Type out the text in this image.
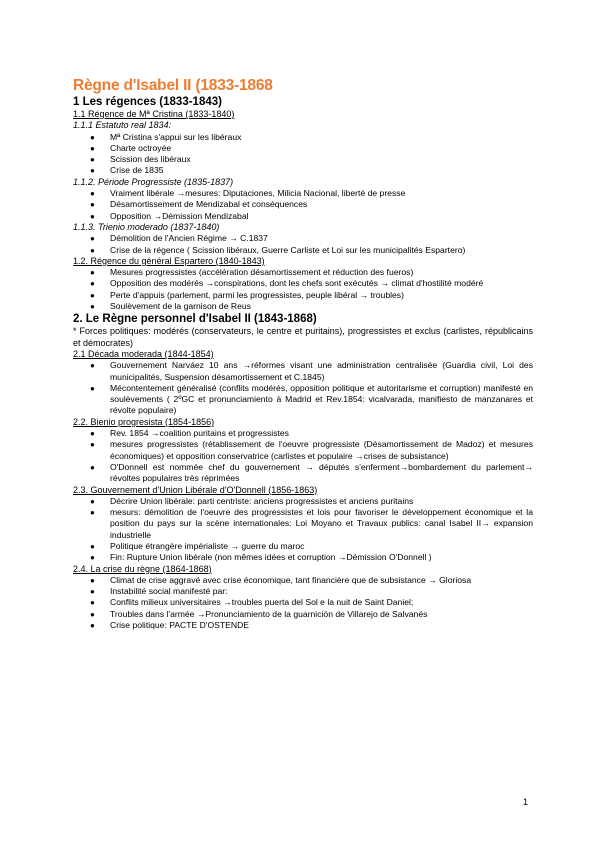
Règne d'Isabel II (1833-1868
1 Les régences (1833-1843)
1.1 Régence de Mª Cristina (1833-1840)
1.1.1 Estatuto real 1834:
● Mª Cristina s'appui sur les libéraux
● Charte octroyée
● Scission des libéraux
● Crise de 1835
1.1.2. Période Progressiste (1835-1837)
● Vraiment libérale →mesures: Diputaciones, Milicia Nacional, liberté de presse
● Désamortissement de Mendizabal et conséquences
● Opposition →Démission Mendizabal
1.1.3. Trienio moderado (1837-1840)
● Démolition de l'Ancien Régime → C.1837
● Crise de la régence ( Scission libéraux, Guerre Carliste et Loi sur les municipalités Espartero)
1.2. Régence du général Espartero (1840-1843)
● Mesures progressistes (accélération désamortissement et réduction des fueros)
● Opposition des modérés →conspirations, dont les chefs sont exécutés → climat d'hostilité modéré
● Perte d'appuis (parlement, parmi les progressistes, peuple libéral → troubles)
● Soulèvement de la garnison de Reus
2. Le Règne personnel d'Isabel II (1843-1868)
* Forces politiques: modérés (conservateurs, le centre et puritains), progressistes et exclus (carlistes, républicains et démocrates)
2.1 Década moderada (1844-1854)
● Gouvernement Narváez 10 ans →réformes visant une administration centralisée (Guardia civil, Loi des municipalités, Suspension désamortissement et C.1845)
● Mécontentement généralisé (conflits modérés, opposition politique et autoritarisme et corruption) manifesté en soulèvements ( 2ºGC et pronunciamiento à Madrid et Rev.1854: vicalvarada, manifiesto de manzanares et révolte populaire)
2.2. Bienio progresista (1854-1856)
● Rev. 1854 →coalition puritains et progressistes
● mesures progressistes (rétablissement de l'oeuvre progressiste (Désamortissement de Madoz) et mesures économiques) et opposition conservatrice (carlistes et populaire →crises de subsistance)
● O'Donnell est nommée chef du gouvernement → députés s'enferment→bombardement du parlement→ révoltes populaires très réprimées
2.3. Gouvernement d'Union Libérale d'O'Donnell (1856-1863)
● Décrire Union libérale: parti centriste: anciens progressistes et anciens puritains
● mesurs: démolition de l'oeuvre des progressistes et lois pour favoriser le développement économique et la position du pays sur la scène internationales: Loi Moyano et Travaux publics: canal Isabel II→ expansion industrielle
● Politique étrangère impérialiste → guerre du maroc
● Fin: Rupture Union libérale (non mêmes idées et corruption →Démission O'Donnell )
2.4. La crise du règne (1864-1868)
● Climat de crise aggravé avec crise économique, tant financière que de subsistance → Gloriosa
● Instabilité social manifesté par:
● Conflits milieux universitaires →troubles puerta del Sol e la nuit de Saint Daniel;
● Troubles dans l'armée →Pronunciamiento de la guarnición de Villarejo de Salvanés
● Crise politique: PACTE D'OSTENDE
1
